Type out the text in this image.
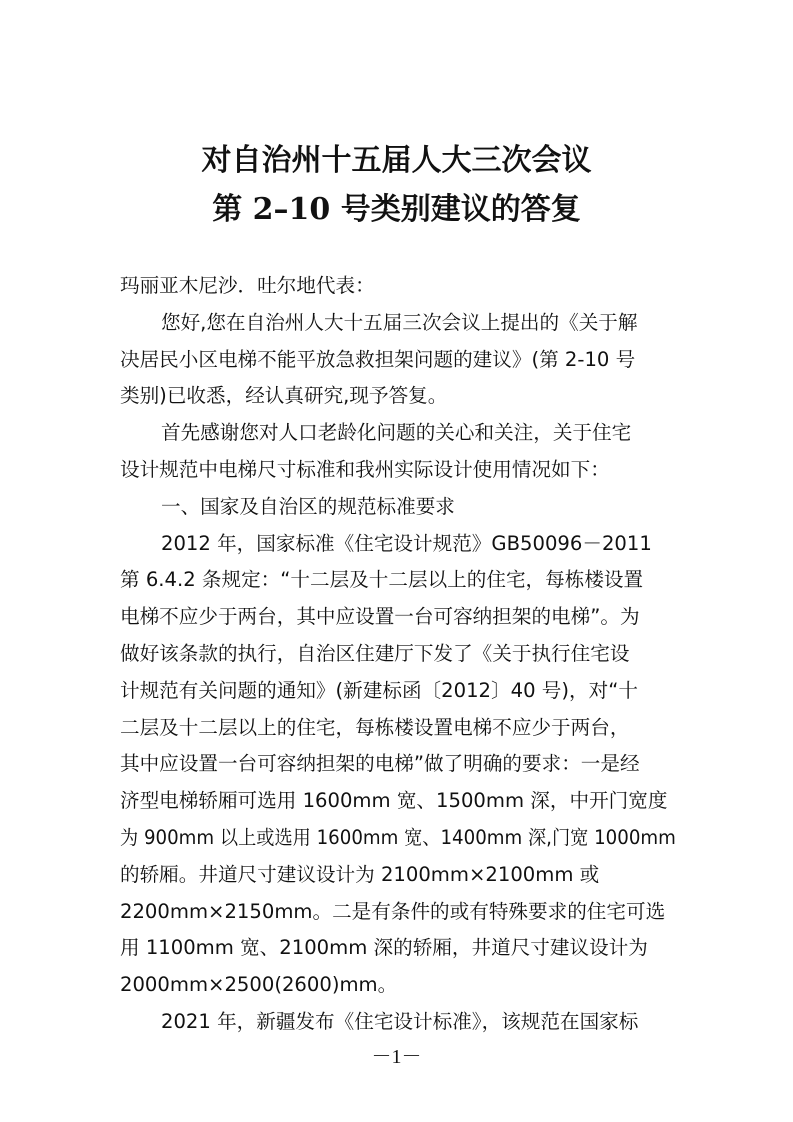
对自治州十五届人大三次会议
第 2–10 号类别建议的答复
玛丽亚木尼沙．吐尔地代表：
您好,您在自治州人大十五届三次会议上提出的《关于解
决居民小区电梯不能平放急救担架问题的建议》(第 2-10 号
类别)已收悉，经认真研究,现予答复。
首先感谢您对人口老龄化问题的关心和关注，关于住宅
设计规范中电梯尺寸标准和我州实际设计使用情况如下：
一、国家及自治区的规范标准要求
2012 年，国家标准《住宅设计规范》GB50096－2011
第 6.4.2 条规定：“十二层及十二层以上的住宅，每栋楼设置
电梯不应少于两台，其中应设置一台可容纳担架的电梯”。为
做好该条款的执行，自治区住建厅下发了《关于执行住宅设
计规范有关问题的通知》(新建标函〔2012〕40 号)，对“十
二层及十二层以上的住宅，每栋楼设置电梯不应少于两台，
其中应设置一台可容纳担架的电梯”做了明确的要求：一是经
济型电梯轿厢可选用 1600mm 宽、1500mm 深，中开门宽度
为 900mm 以上或选用 1600mm 宽、1400mm 深,门宽 1000mm
的轿厢。井道尺寸建议设计为 2100mm×2100mm 或
2200mm×2150mm。二是有条件的或有特殊要求的住宅可选
用 1100mm 宽、2100mm 深的轿厢，井道尺寸建议设计为
2000mm×2500(2600)mm。
2021 年，新疆发布《住宅设计标准》，该规范在国家标
－1－
